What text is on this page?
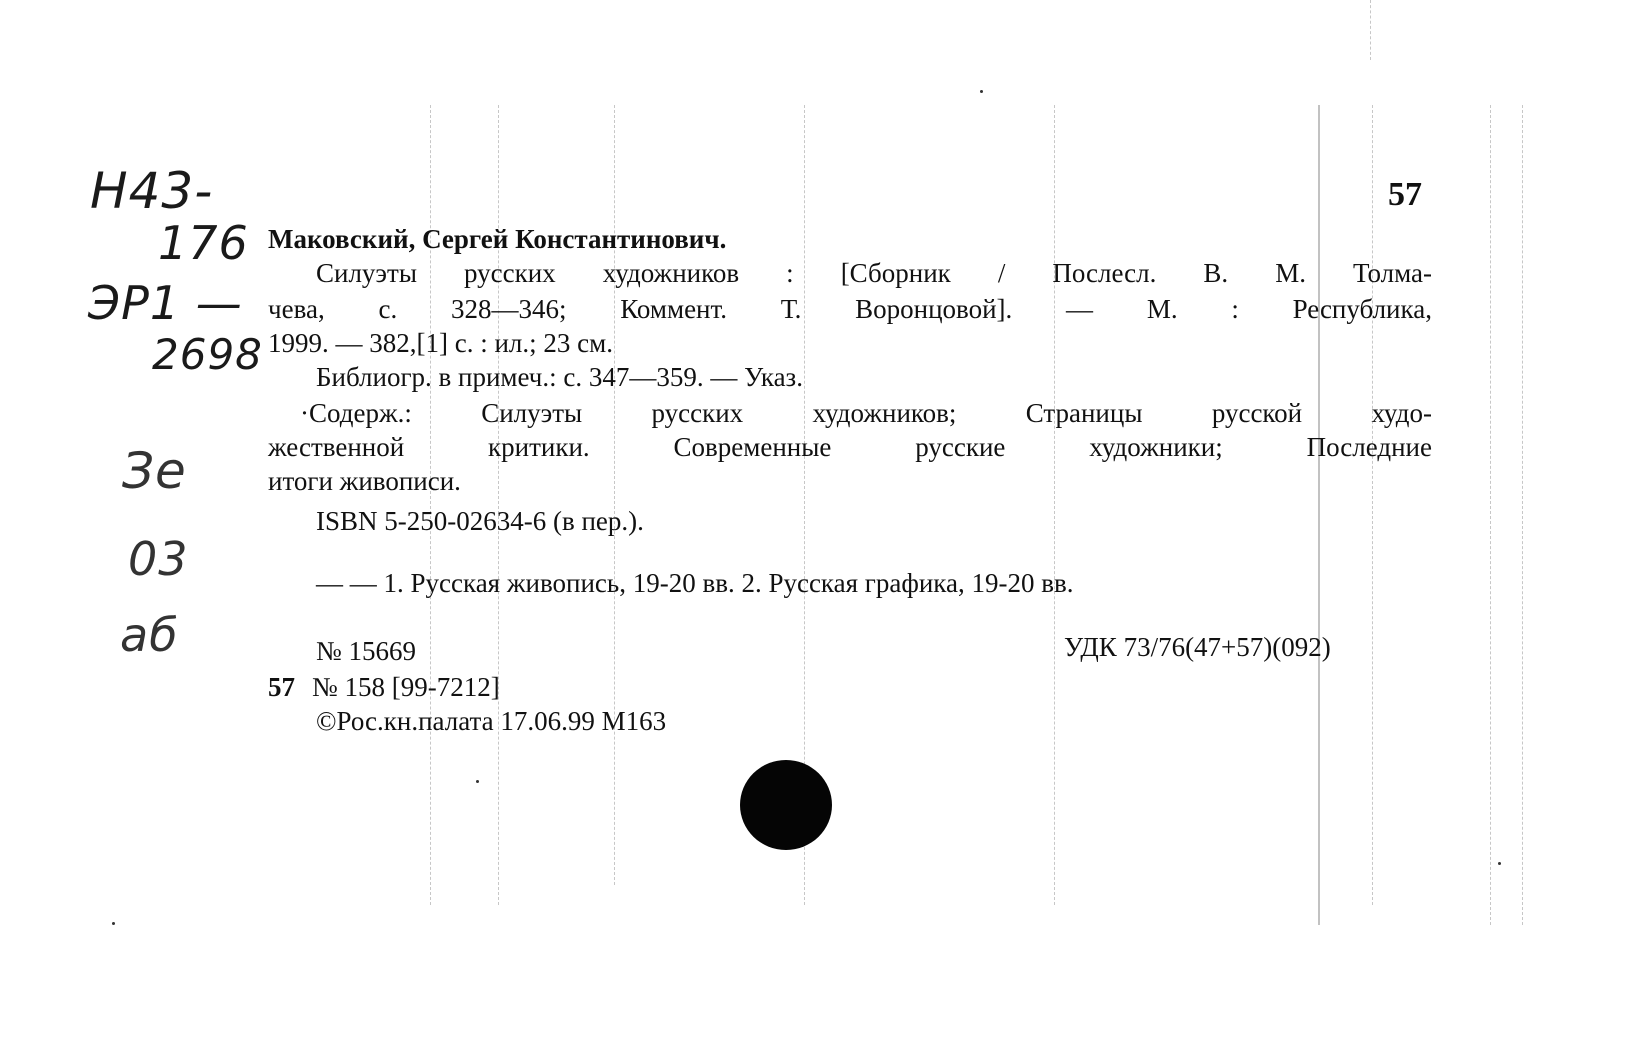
Н43-
176
ЭР1 —
2698
Зе
03
аб
57
Маковский, Сергей Константинович.
Силуэты русских художников : [Сборник / Послесл. В. М. Толма-
чева, с. 328—346; Коммент. Т. Воронцовой]. — М. : Республика,
1999. — 382,[1] с. : ил.; 23 см.
Библиогр. в примеч.: с. 347—359. — Указ.
·Содерж.:	Силуэты	русских	художников;	Страницы	русской	худо-
жественной	критики.	Современные	русские	художники;	Последние
итоги живописи.
ISBN 5-250-02634-6 (в пер.).
— — 1. Русская живопись, 19-20 вв. 2. Русская графика, 19-20 вв.
№ 15669	УДК 73/76(47+57)(092)
57 № 158 [99-7212]
©Рос.кн.палата 17.06.99 М163
